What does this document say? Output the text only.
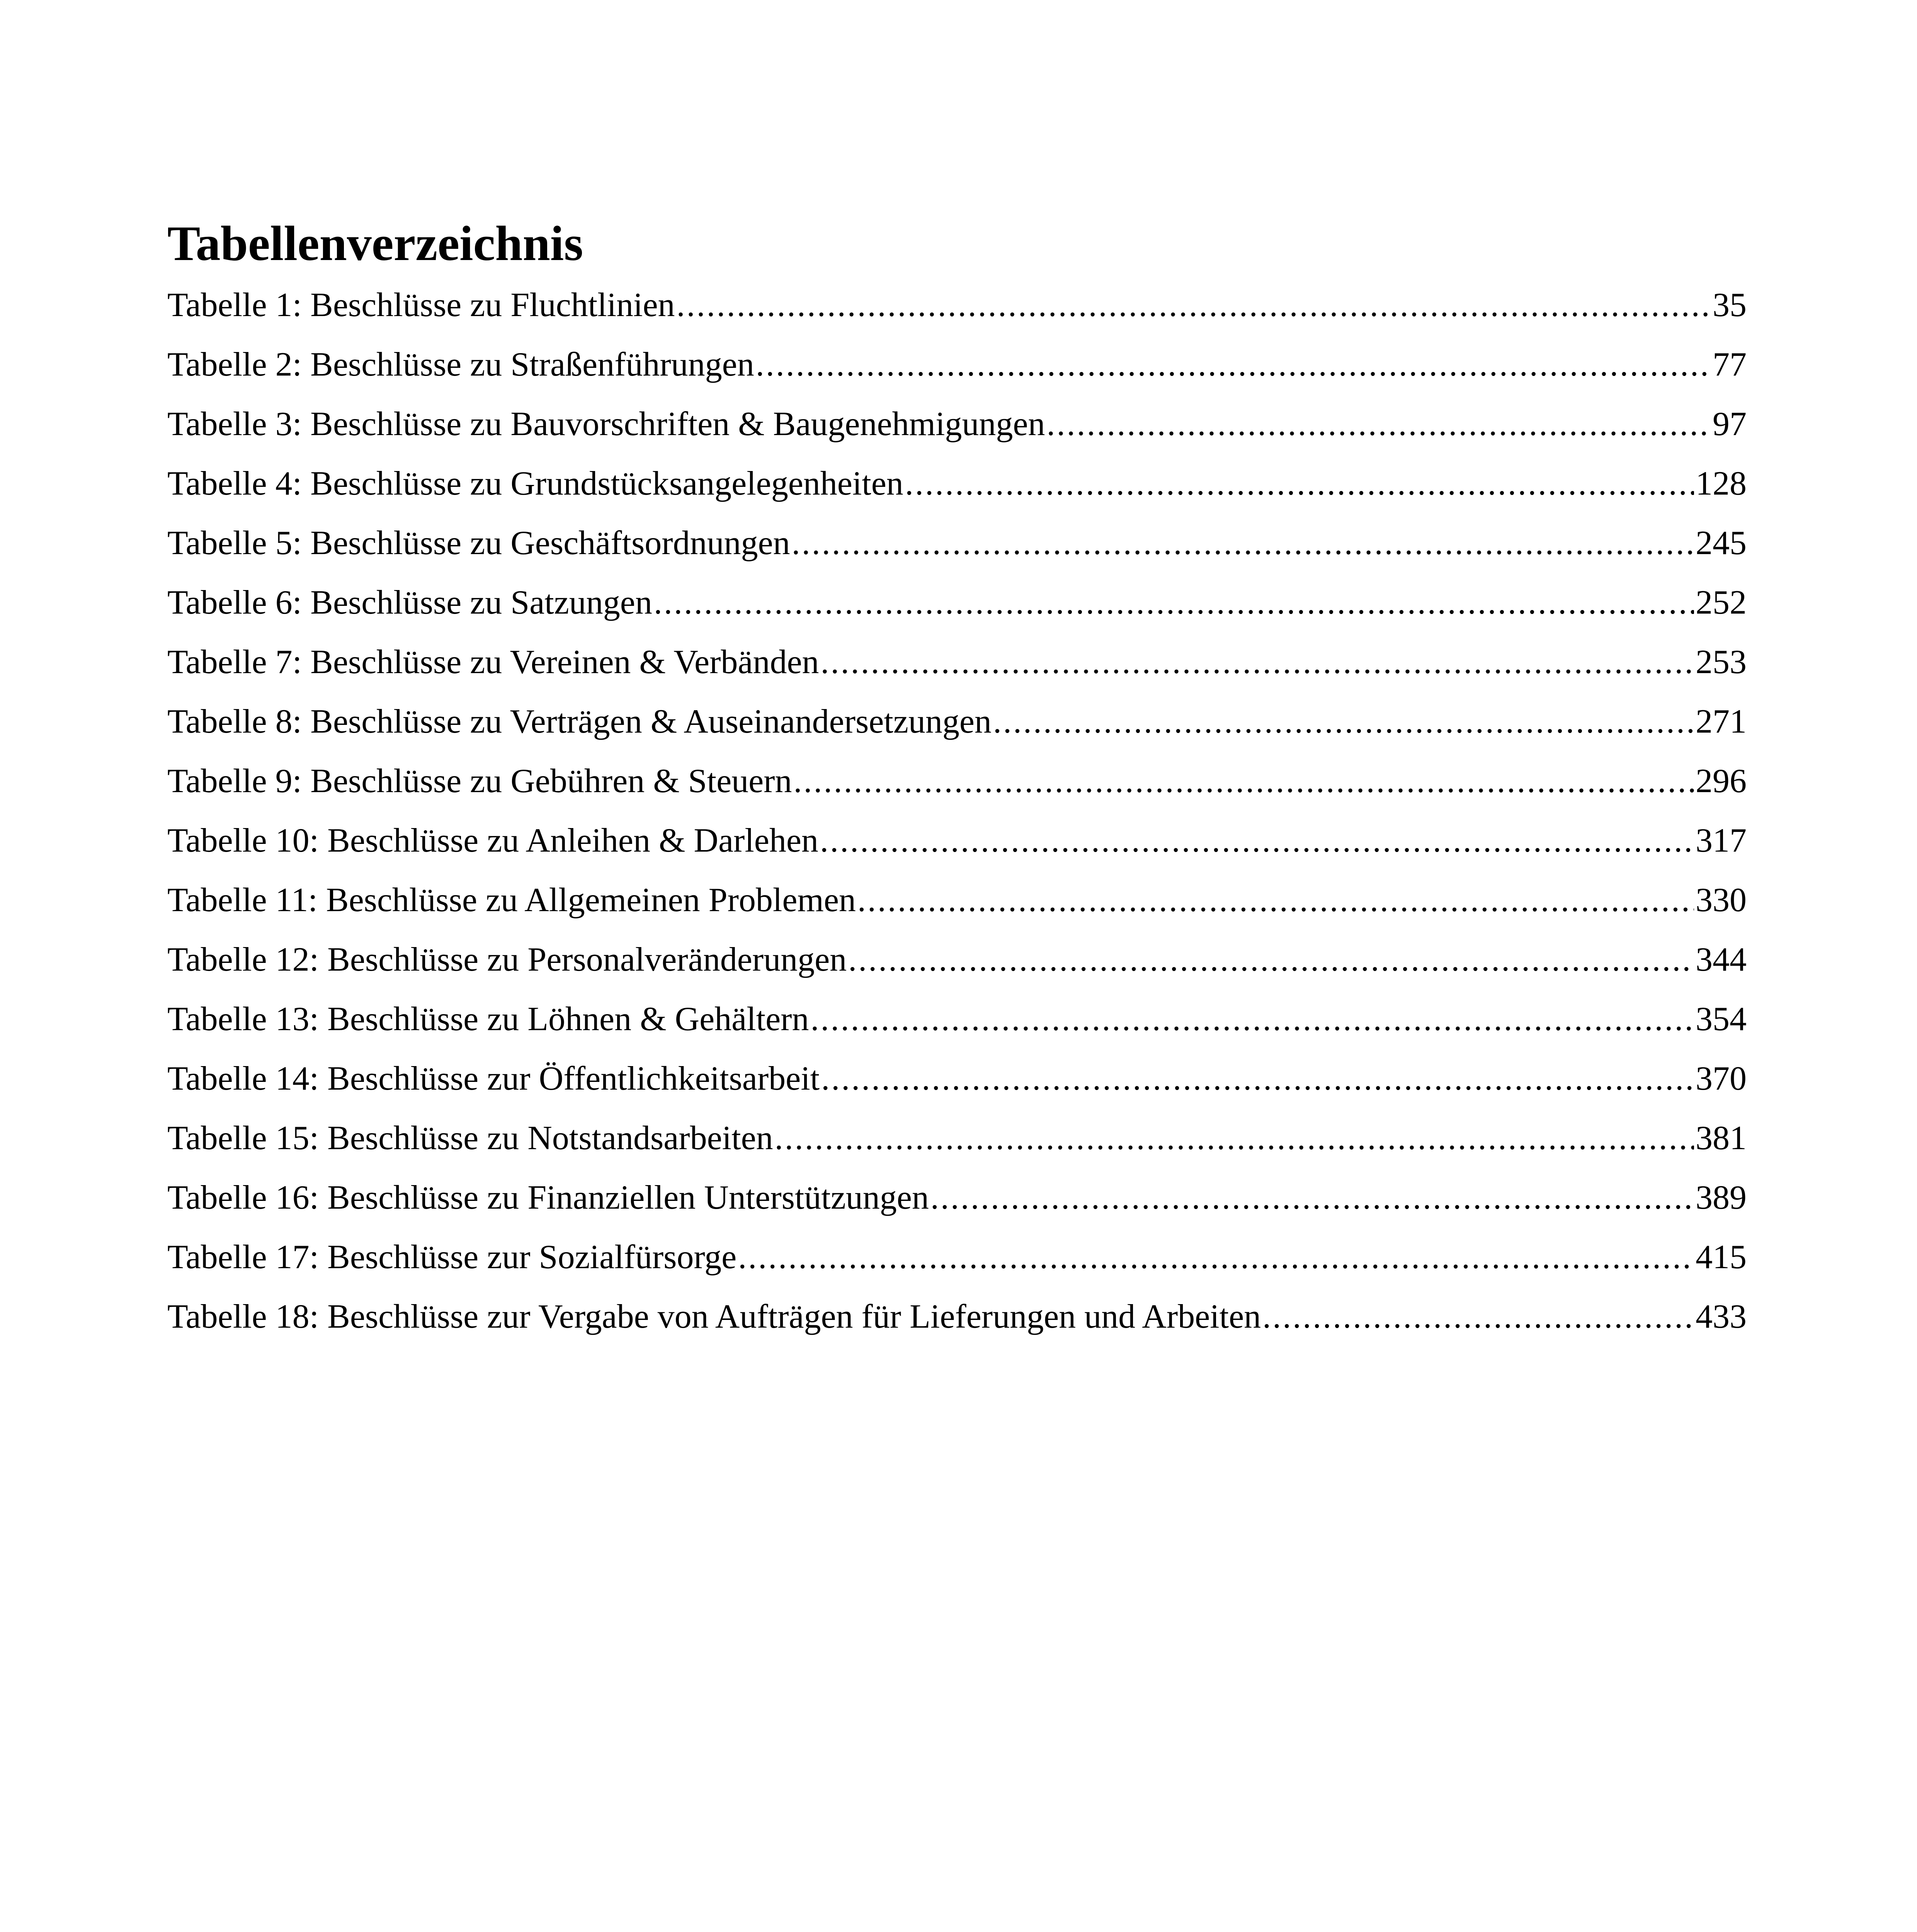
Tabellenverzeichnis
Tabelle 1: Beschlüsse zu Fluchtlinien .....	35
Tabelle 2: Beschlüsse zu Straßenführungen .....	77
Tabelle 3: Beschlüsse zu Bauvorschriften & Baugenehmigungen .....	97
Tabelle 4: Beschlüsse zu Grundstücksangelegenheiten .....	128
Tabelle 5: Beschlüsse zu Geschäftsordnungen .....	245
Tabelle 6: Beschlüsse zu Satzungen .....	252
Tabelle 7: Beschlüsse zu Vereinen & Verbänden .....	253
Tabelle 8: Beschlüsse zu Verträgen & Auseinandersetzungen .....	271
Tabelle 9: Beschlüsse zu Gebühren & Steuern .....	296
Tabelle 10: Beschlüsse zu Anleihen & Darlehen .....	317
Tabelle 11: Beschlüsse zu Allgemeinen Problemen .....	330
Tabelle 12: Beschlüsse zu Personalveränderungen .....	344
Tabelle 13: Beschlüsse zu Löhnen & Gehältern .....	354
Tabelle 14: Beschlüsse zur Öffentlichkeitsarbeit .....	370
Tabelle 15: Beschlüsse zu Notstandsarbeiten .....	381
Tabelle 16: Beschlüsse zu Finanziellen Unterstützungen .....	389
Tabelle 17: Beschlüsse zur Sozialfürsorge .....	415
Tabelle 18: Beschlüsse zur Vergabe von Aufträgen für Lieferungen und Arbeiten .....	433
